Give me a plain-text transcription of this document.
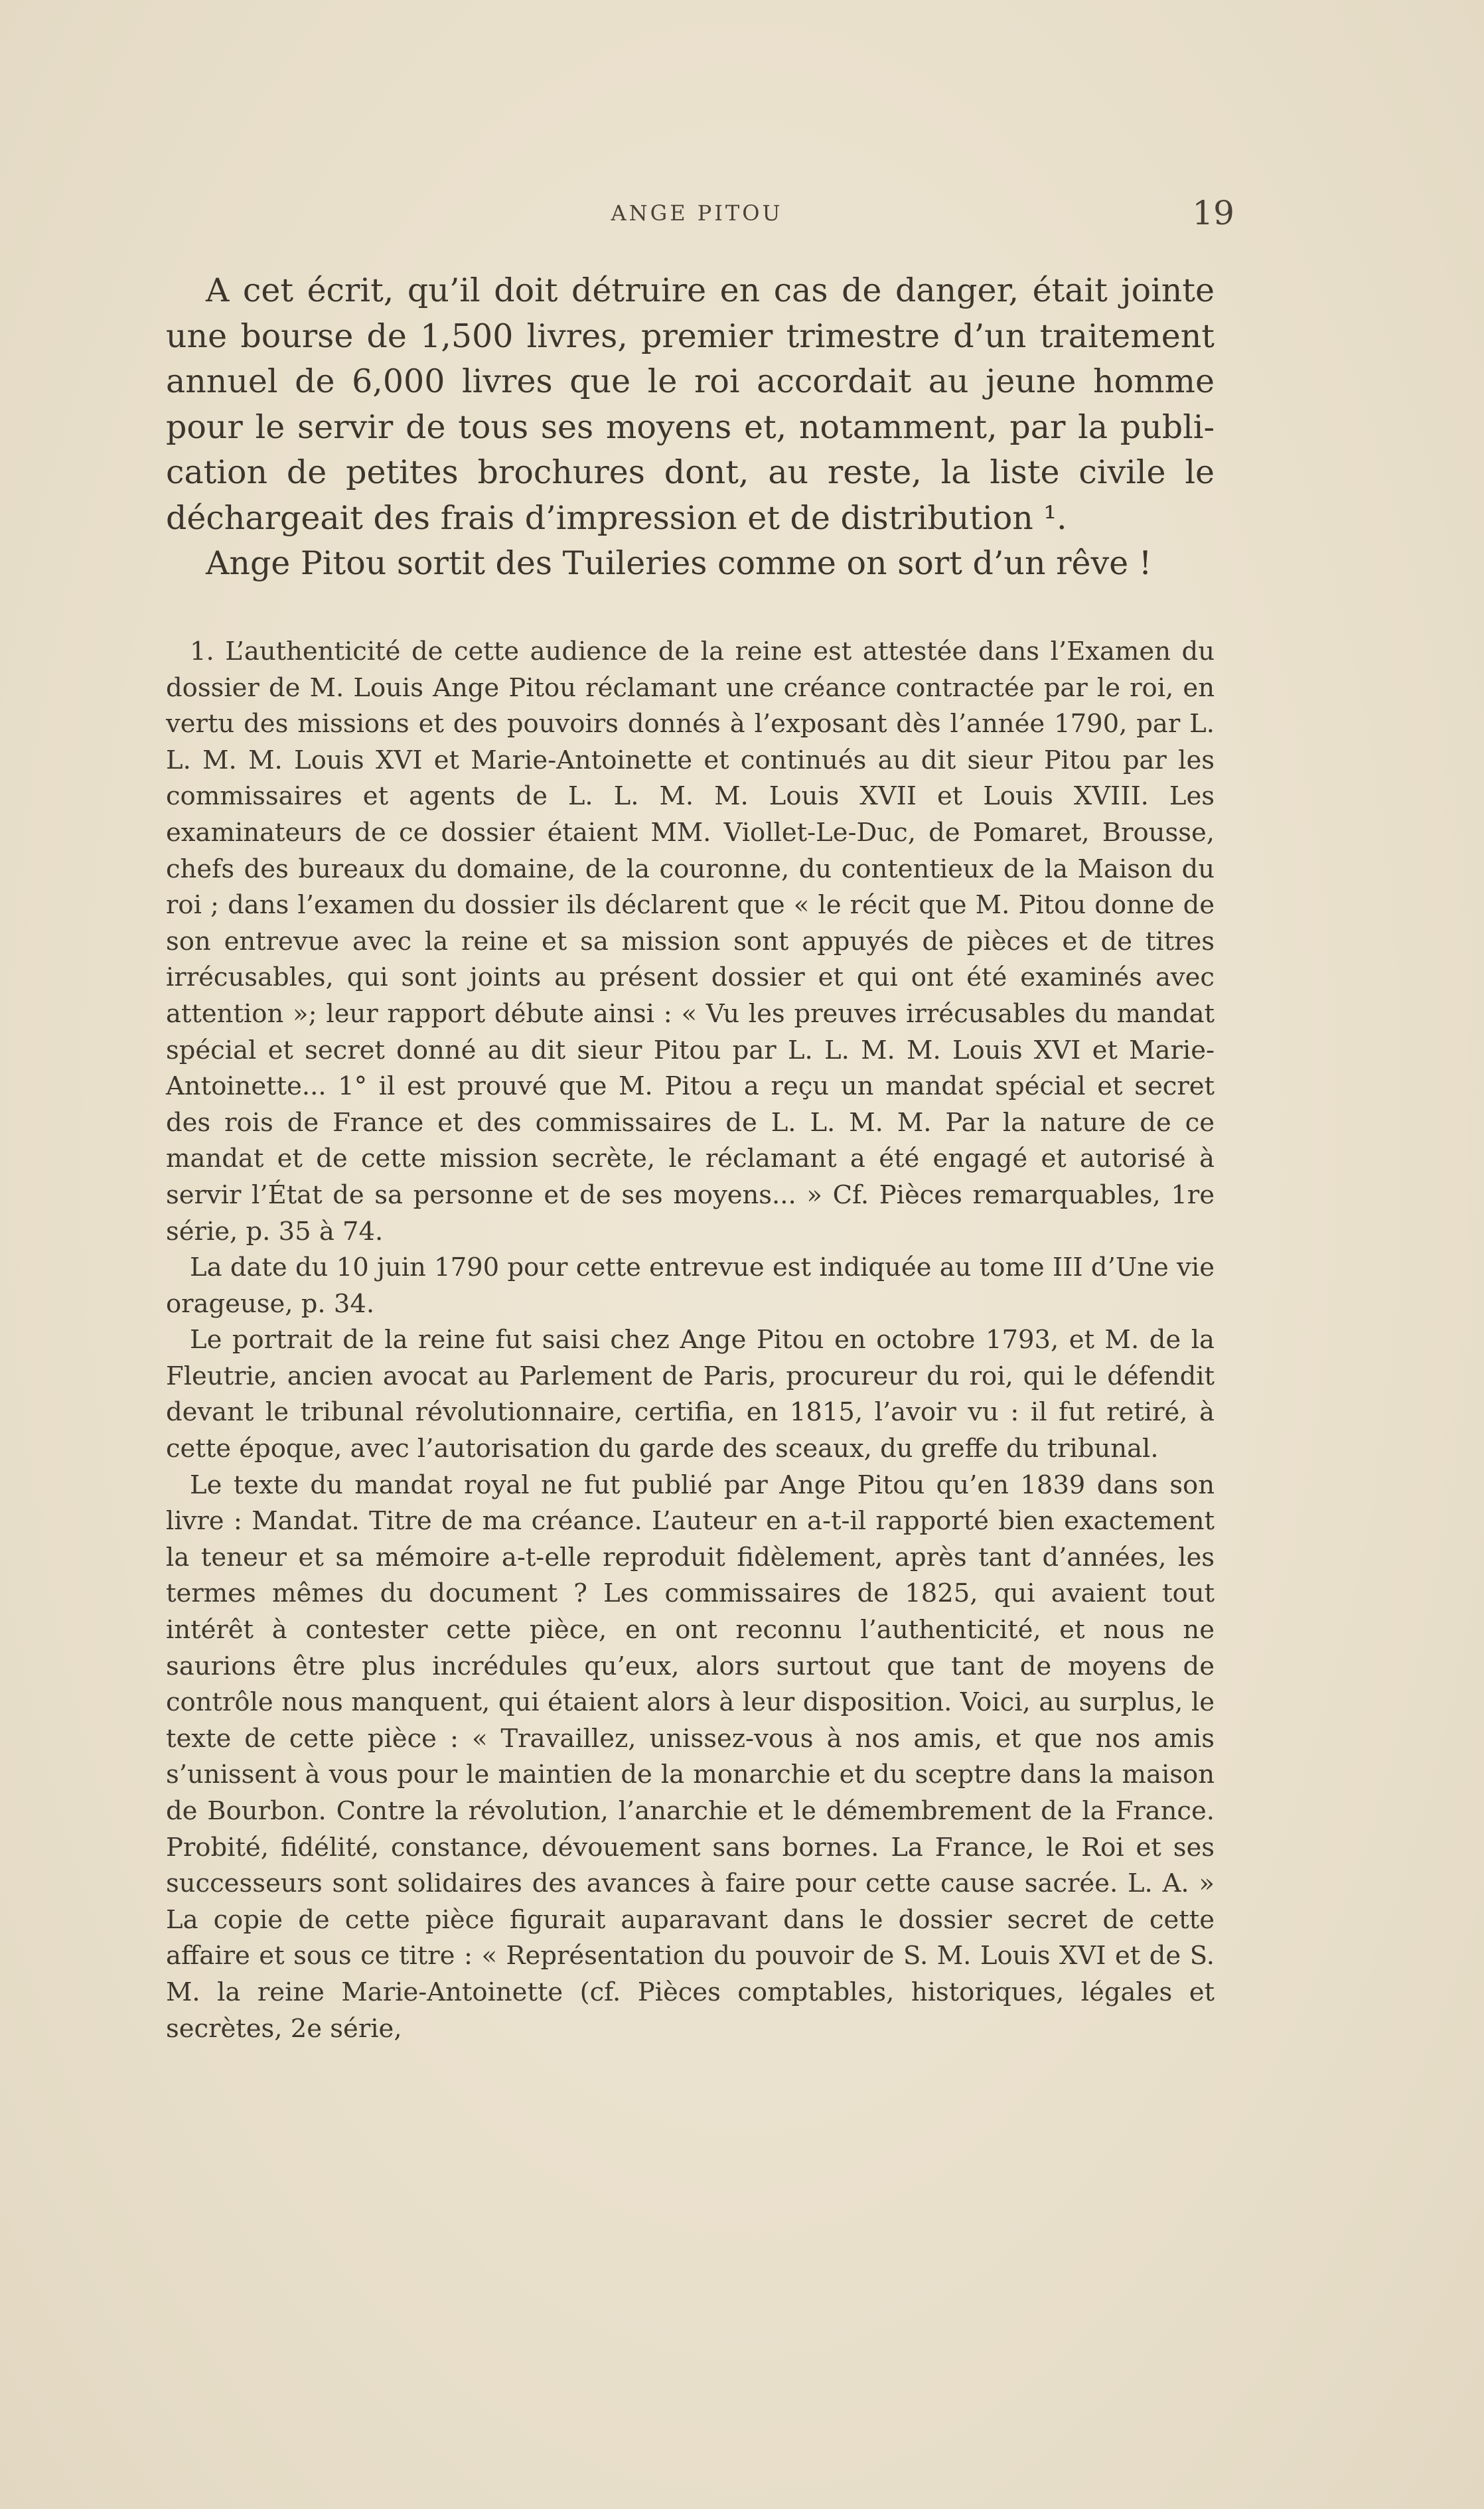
ANGE PITOU	19

A cet écrit, qu’il doit détruire en cas de danger, était jointe une bourse de 1,500 livres, premier trimestre d’un traitement annuel de 6,000 livres que le roi accordait au jeune homme pour le servir de tous ses moyens et, notamment, par la publi-cation de petites brochures dont, au reste, la liste civile le déchargeait des frais d’impression et de distribution ¹.

Ange Pitou sortit des Tuileries comme on sort d’un rêve !

1. L’authenticité de cette audience de la reine est attestée dans l’Examen du dossier de M. Louis Ange Pitou réclamant une créance contractée par le roi, en vertu des missions et des pouvoirs donnés à l’exposant dès l’année 1790, par L. L. M. M. Louis XVI et Marie-Antoinette et continués au dit sieur Pitou par les commissaires et agents de L. L. M. M. Louis XVII et Louis XVIII. Les examinateurs de ce dossier étaient MM. Viollet-Le-Duc, de Pomaret, Brousse, chefs des bureaux du domaine, de la couronne, du contentieux de la Maison du roi ; dans l’examen du dossier ils déclarent que « le récit que M. Pitou donne de son entrevue avec la reine et sa mission sont appuyés de pièces et de titres irrécusables, qui sont joints au présent dossier et qui ont été examinés avec attention »; leur rapport débute ainsi : « Vu les preuves irrécusables du mandat spécial et secret donné au dit sieur Pitou par L. L. M. M. Louis XVI et Marie-Antoinette... 1° il est prouvé que M. Pitou a reçu un mandat spécial et secret des rois de France et des commissaires de L. L. M. M. Par la nature de ce mandat et de cette mission secrète, le réclamant a été engagé et autorisé à servir l’État de sa personne et de ses moyens... » Cf. Pièces remarquables, 1re série, p. 35 à 74.

La date du 10 juin 1790 pour cette entrevue est indiquée au tome III d’Une vie orageuse, p. 34.

Le portrait de la reine fut saisi chez Ange Pitou en octobre 1793, et M. de la Fleutrie, ancien avocat au Parlement de Paris, procureur du roi, qui le défendit devant le tribunal révolutionnaire, certifia, en 1815, l’avoir vu : il fut retiré, à cette époque, avec l’autorisation du garde des sceaux, du greffe du tribunal.

Le texte du mandat royal ne fut publié par Ange Pitou qu’en 1839 dans son livre : Mandat. Titre de ma créance. L’auteur en a-t-il rapporté bien exactement la teneur et sa mémoire a-t-elle reproduit fidèlement, après tant d’années, les termes mêmes du document ? Les commissaires de 1825, qui avaient tout intérêt à contester cette pièce, en ont reconnu l’authenticité, et nous ne saurions être plus incrédules qu’eux, alors surtout que tant de moyens de contrôle nous manquent, qui étaient alors à leur disposition. Voici, au surplus, le texte de cette pièce : « Travaillez, unissez-vous à nos amis, et que nos amis s’unissent à vous pour le maintien de la monarchie et du sceptre dans la maison de Bourbon. Contre la révolution, l’anarchie et le démembrement de la France. Probité, fidélité, constance, dévouement sans bornes. La France, le Roi et ses successeurs sont solidaires des avances à faire pour cette cause sacrée. L. A. » La copie de cette pièce figurait auparavant dans le dossier secret de cette affaire et sous ce titre : « Représentation du pouvoir de S. M. Louis XVI et de S. M. la reine Marie-Antoinette (cf. Pièces comptables, historiques, légales et secrètes, 2e série,
